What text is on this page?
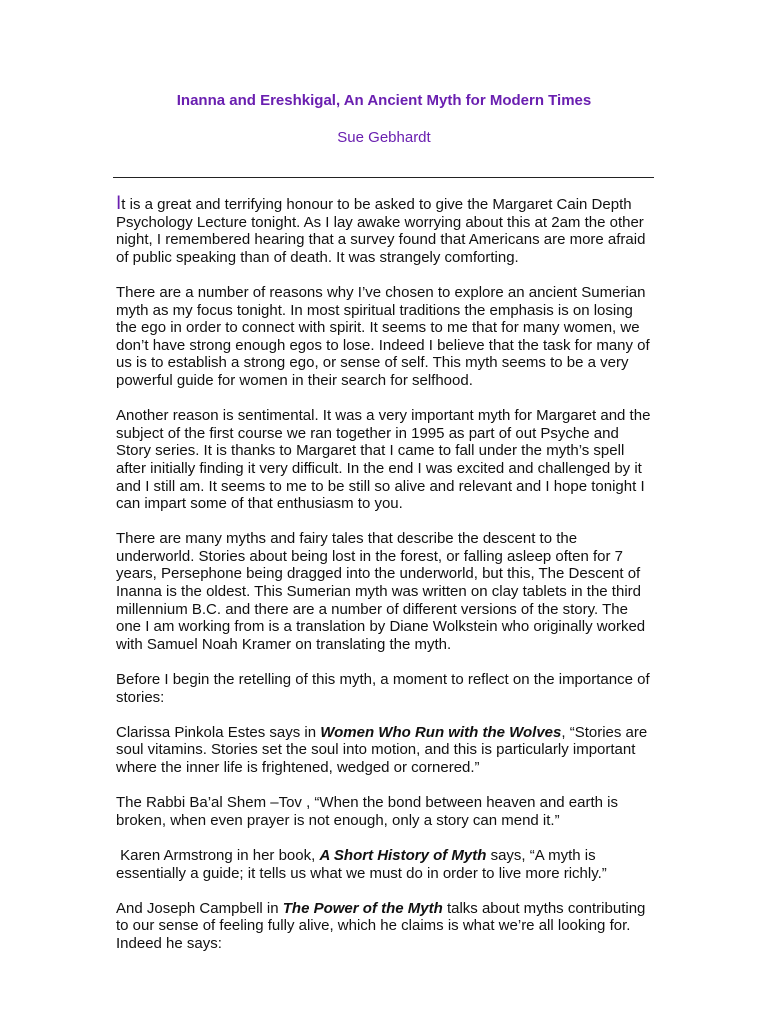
Inanna and Ereshkigal, An Ancient Myth for Modern Times
Sue Gebhardt

It is a great and terrifying honour to be asked to give the Margaret Cain Depth Psychology Lecture tonight. As I lay awake worrying about this at 2am the other night, I remembered hearing that a survey found that Americans are more afraid of public speaking than of death. It was strangely comforting.

There are a number of reasons why I’ve chosen to explore an ancient Sumerian myth as my focus tonight. In most spiritual traditions the emphasis is on losing the ego in order to connect with spirit. It seems to me that for many women, we don’t have strong enough egos to lose. Indeed I believe that the task for many of us is to establish a strong ego, or sense of self. This myth seems to be a very powerful guide for women in their search for selfhood.

Another reason is sentimental. It was a very important myth for Margaret and the subject of the first course we ran together in 1995 as part of out Psyche and Story series. It is thanks to Margaret that I came to fall under the myth’s spell after initially finding it very difficult. In the end I was excited and challenged by it and I still am. It seems to me to be still so alive and relevant and I hope tonight I can impart some of that enthusiasm to you.

There are many myths and fairy tales that describe the descent to the underworld. Stories about being lost in the forest, or falling asleep often for 7 years, Persephone being dragged into the underworld, but this, The Descent of Inanna is the oldest. This Sumerian myth was written on clay tablets in the third millennium B.C. and there are a number of different versions of the story. The one I am working from is a translation by Diane Wolkstein who originally worked with Samuel Noah Kramer on translating the myth.

Before I begin the retelling of this myth, a moment to reflect on the importance of stories:

Clarissa Pinkola Estes says in Women Who Run with the Wolves, “Stories are soul vitamins. Stories set the soul into motion, and this is particularly important where the inner life is frightened, wedged or cornered.”

The Rabbi Ba’al Shem –Tov , “When the bond between heaven and earth is broken, when even prayer is not enough, only a story can mend it.”

Karen Armstrong in her book, A Short History of Myth says, “A myth is essentially a guide; it tells us what we must do in order to live more richly.”

And Joseph Campbell in The Power of the Myth talks about myths contributing to our sense of feeling fully alive, which he claims is what we’re all looking for. Indeed he says:
